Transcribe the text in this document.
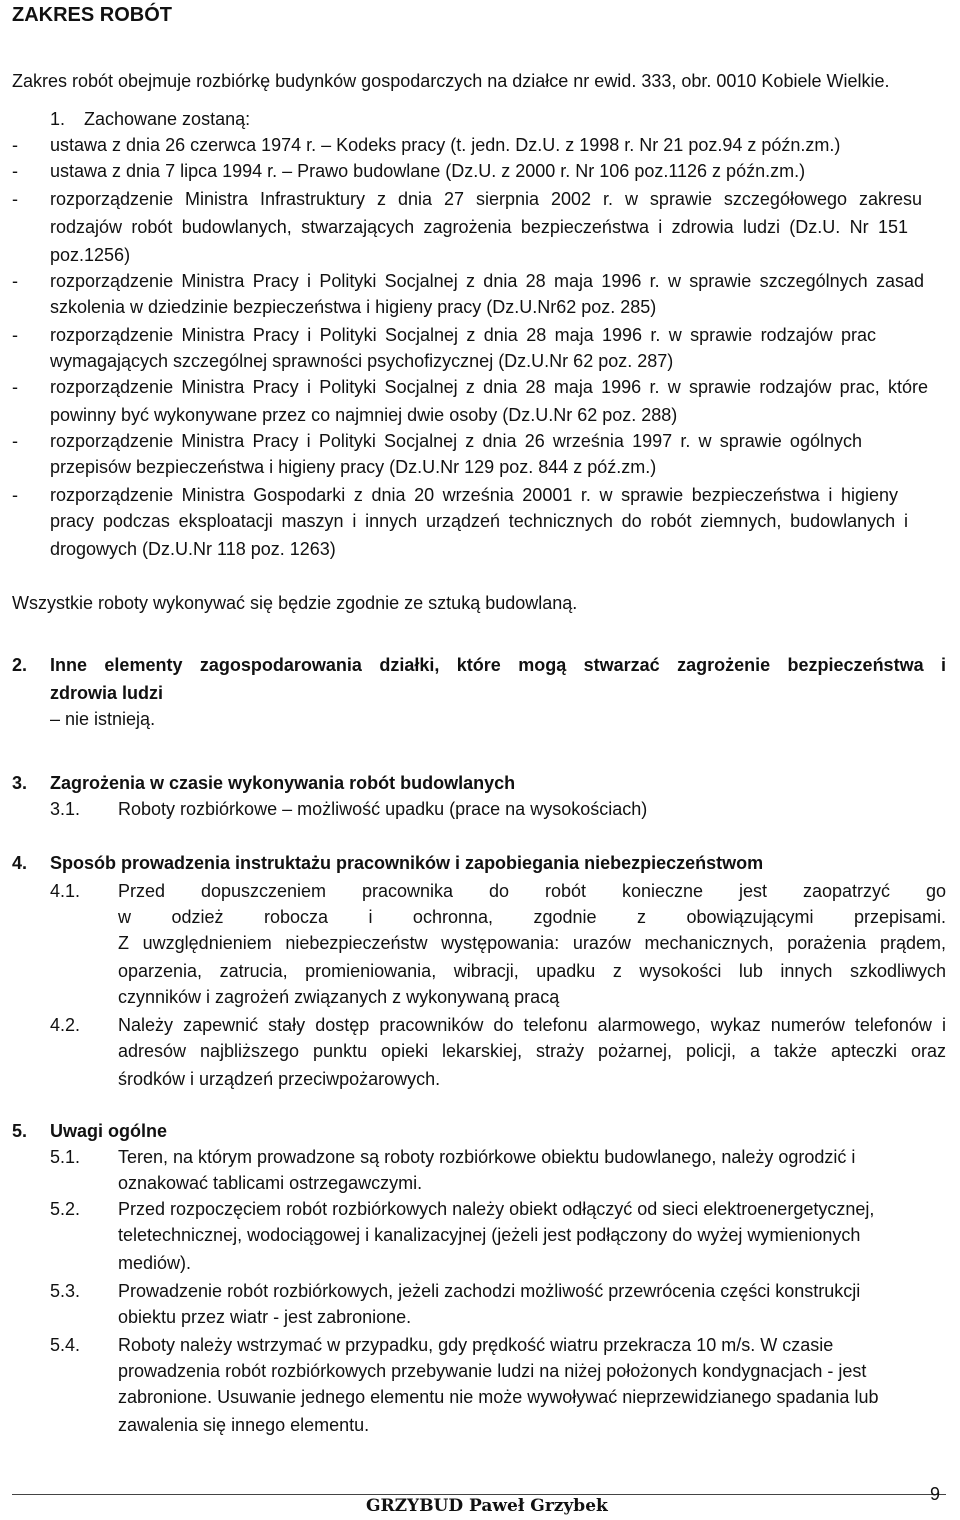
ZAKRES ROBÓT
Zakres robót obejmuje rozbiórkę budynków gospodarczych na działce nr ewid. 333, obr. 0010 Kobiele Wielkie.
1. Zachowane zostaną:
- ustawa z dnia 26 czerwca 1974 r. – Kodeks pracy (t. jedn. Dz.U. z 1998 r. Nr 21 poz.94 z późn.zm.)
- ustawa z dnia 7 lipca 1994 r. – Prawo budowlane (Dz.U. z 2000 r. Nr 106 poz.1126 z późn.zm.)
- rozporządzenie Ministra Infrastruktury z dnia 27 sierpnia 2002 r. w sprawie szczegółowego zakresu
rodzajów robót budowlanych, stwarzających zagrożenia bezpieczeństwa i zdrowia ludzi (Dz.U. Nr 151
poz.1256)
- rozporządzenie Ministra Pracy i Polityki Socjalnej z dnia 28 maja 1996 r. w sprawie szczególnych zasad
szkolenia w dziedzinie bezpieczeństwa i higieny pracy (Dz.U.Nr62 poz. 285)
- rozporządzenie Ministra Pracy i Polityki Socjalnej z dnia 28 maja 1996 r. w sprawie rodzajów prac
wymagających szczególnej sprawności psychofizycznej (Dz.U.Nr 62 poz. 287)
- rozporządzenie Ministra Pracy i Polityki Socjalnej z dnia 28 maja 1996 r. w sprawie rodzajów prac, które
powinny być wykonywane przez co najmniej dwie osoby (Dz.U.Nr 62 poz. 288)
- rozporządzenie Ministra Pracy i Polityki Socjalnej z dnia 26 września 1997 r. w sprawie ogólnych
przepisów bezpieczeństwa i higieny pracy (Dz.U.Nr 129 poz. 844 z póź.zm.)
- rozporządzenie Ministra Gospodarki z dnia 20 września 20001 r. w sprawie bezpieczeństwa i higieny
pracy podczas eksploatacji maszyn i innych urządzeń technicznych do robót ziemnych, budowlanych i
drogowych (Dz.U.Nr 118 poz. 1263)
Wszystkie roboty wykonywać się będzie zgodnie ze sztuką budowlaną.
2. Inne elementy zagospodarowania działki, które mogą stwarzać zagrożenie bezpieczeństwa i
zdrowia ludzi
– nie istnieją.
3. Zagrożenia w czasie wykonywania robót budowlanych
3.1. Roboty rozbiórkowe – możliwość upadku (prace na wysokościach)
4. Sposób prowadzenia instruktażu pracowników i zapobiegania niebezpieczeństwom
4.1. Przed dopuszczeniem pracownika do robót konieczne jest zaopatrzyć go
w odzież robocza i ochronna, zgodnie z obowiązującymi przepisami.
Z uwzględnieniem niebezpieczeństw występowania: urazów mechanicznych, porażenia prądem,
oparzenia, zatrucia, promieniowania, wibracji, upadku z wysokości lub innych szkodliwych
czynników i zagrożeń związanych z wykonywaną pracą
4.2. Należy zapewnić stały dostęp pracowników do telefonu alarmowego, wykaz numerów telefonów i
adresów najbliższego punktu opieki lekarskiej, straży pożarnej, policji, a także apteczki oraz
środków i urządzeń przeciwpożarowych.
5. Uwagi ogólne
5.1. Teren, na którym prowadzone są roboty rozbiórkowe obiektu budowlanego, należy ogrodzić i
oznakować tablicami ostrzegawczymi.
5.2. Przed rozpoczęciem robót rozbiórkowych należy obiekt odłączyć od sieci elektroenergetycznej,
teletechnicznej, wodociągowej i kanalizacyjnej (jeżeli jest podłączony do wyżej wymienionych
mediów).
5.3. Prowadzenie robót rozbiórkowych, jeżeli zachodzi możliwość przewrócenia części konstrukcji
obiektu przez wiatr - jest zabronione.
5.4. Roboty należy wstrzymać w przypadku, gdy prędkość wiatru przekracza 10 m/s. W czasie
prowadzenia robót rozbiórkowych przebywanie ludzi na niżej położonych kondygnacjach - jest
zabronione. Usuwanie jednego elementu nie może wywoływać nieprzewidzianego spadania lub
zawalenia się innego elementu.
GRZYBUD Paweł Grzybek
9
